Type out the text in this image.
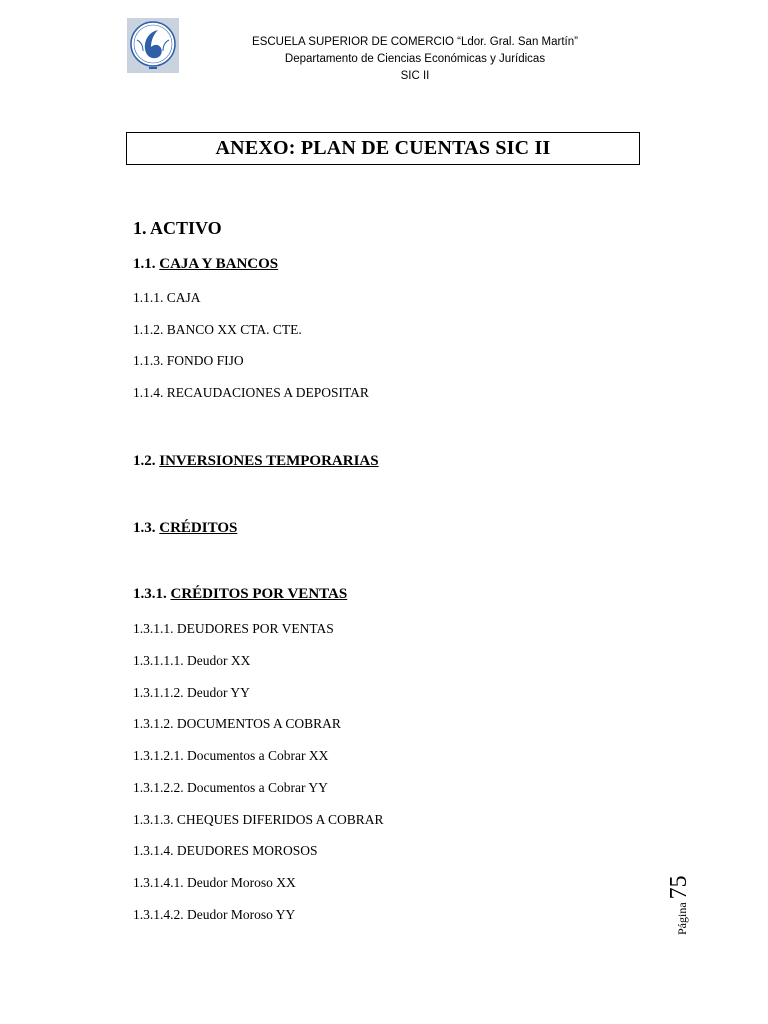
ESCUELA SUPERIOR DE COMERCIO “Ldor. Gral. San Martín”
Departamento de Ciencias Económicas y Jurídicas
SIC II
ANEXO: PLAN DE CUENTAS SIC II
1. ACTIVO
1.1. CAJA Y BANCOS
1.1.1. CAJA
1.1.2. BANCO XX CTA. CTE.
1.1.3. FONDO FIJO
1.1.4. RECAUDACIONES A DEPOSITAR
1.2. INVERSIONES TEMPORARIAS
1.3. CRÉDITOS
1.3.1. CRÉDITOS POR VENTAS
1.3.1.1. DEUDORES POR VENTAS
1.3.1.1.1. Deudor XX
1.3.1.1.2. Deudor YY
1.3.1.2. DOCUMENTOS A COBRAR
1.3.1.2.1. Documentos a Cobrar XX
1.3.1.2.2. Documentos a Cobrar YY
1.3.1.3. CHEQUES DIFERIDOS A COBRAR
1.3.1.4. DEUDORES MOROSOS
1.3.1.4.1. Deudor Moroso XX
1.3.1.4.2. Deudor Moroso YY	Página
75
